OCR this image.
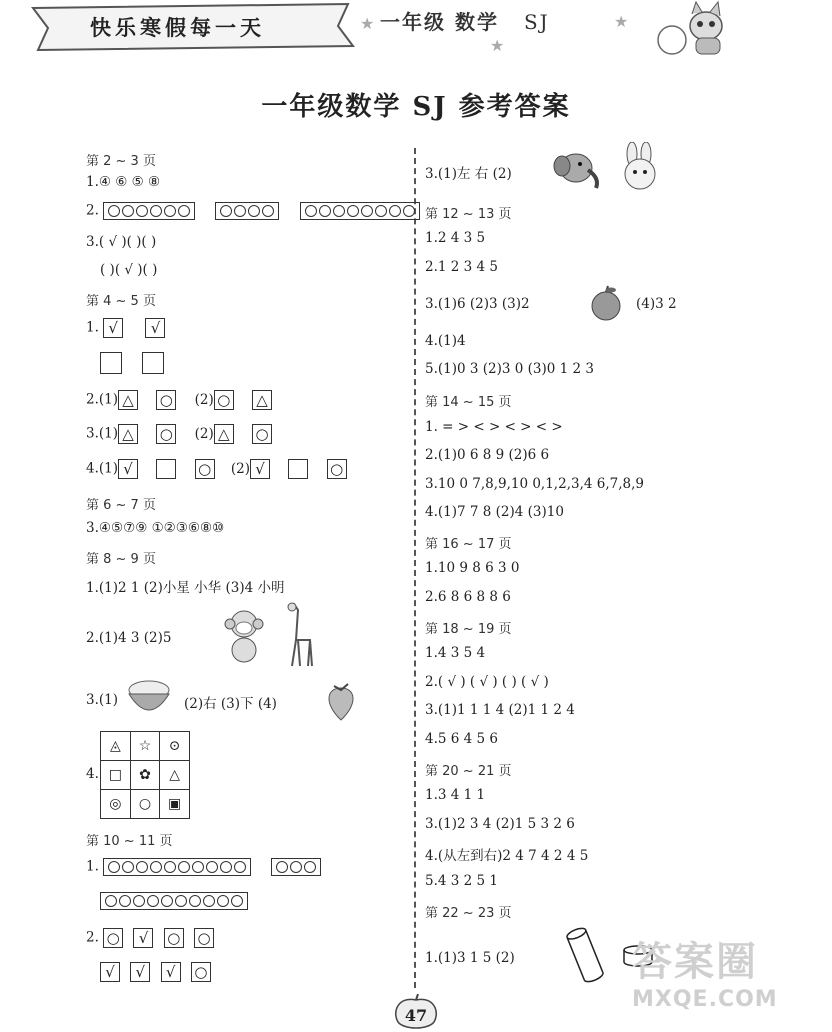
快乐寒假每一天	★
★
★
一年级 数学 SJ
一年级数学 SJ 参考答案
第 2 ~ 3 页
1.④ ⑥ ⑤ ⑧
2.
3.( √ )( )( )
( )( √ )( )
第 4 ~ 5 页
1. √ √

2.(1) △ ○ (2) ○ △
3.(1) △ ○ (2) △ ○
4.(1) √	○ (2) √	○
第 6 ~ 7 页
3.④⑤⑦⑨ ①②③⑥⑧⑩
第 8 ~ 9 页
1.(1)2 1 (2)小星 小华 (3)4 小明
2.(1)4 3 (2)5
3.(1)	(2)右 (3)下 (4)
4.
◬	☆	⊙
□	✿	△
◎	○	▣
第 10 ~ 11 页
1.
2. ○ √ ○ ○
√ √ √ ○
3.(1)左 右 (2)
第 12 ~ 13 页
1.2 4 3 5
2.1 2 3 4 5
3.(1)6 (2)3 (3)2	(4)3 2
4.(1)4
5.(1)0 3 (2)3 0 (3)0 1 2 3
第 14 ~ 15 页
1. = > < > < > < >
2.(1)0 6 8 9 (2)6 6
3.10 0 7,8,9,10 0,1,2,3,4 6,7,8,9
4.(1)7 7 8 (2)4 (3)10
第 16 ~ 17 页
1.10 9 8 6 3 0
2.6 8 6 8 8 6
第 18 ~ 19 页
1.4 3 5 4
2.( √ ) ( √ ) ( ) ( √ )
3.(1)1 1 1 4 (2)1 1 2 4
4.5 6 4 5 6
第 20 ~ 21 页
1.3 4 1 1
3.(1)2 3 4 (2)1 5 3 2 6
4.(从左到右)2 4 7 4 2 4 5
5.4 3 2 5 1
第 22 ~ 23 页
1.(1)3 1 5 (2)	答案圈
MXQE.COM
47
